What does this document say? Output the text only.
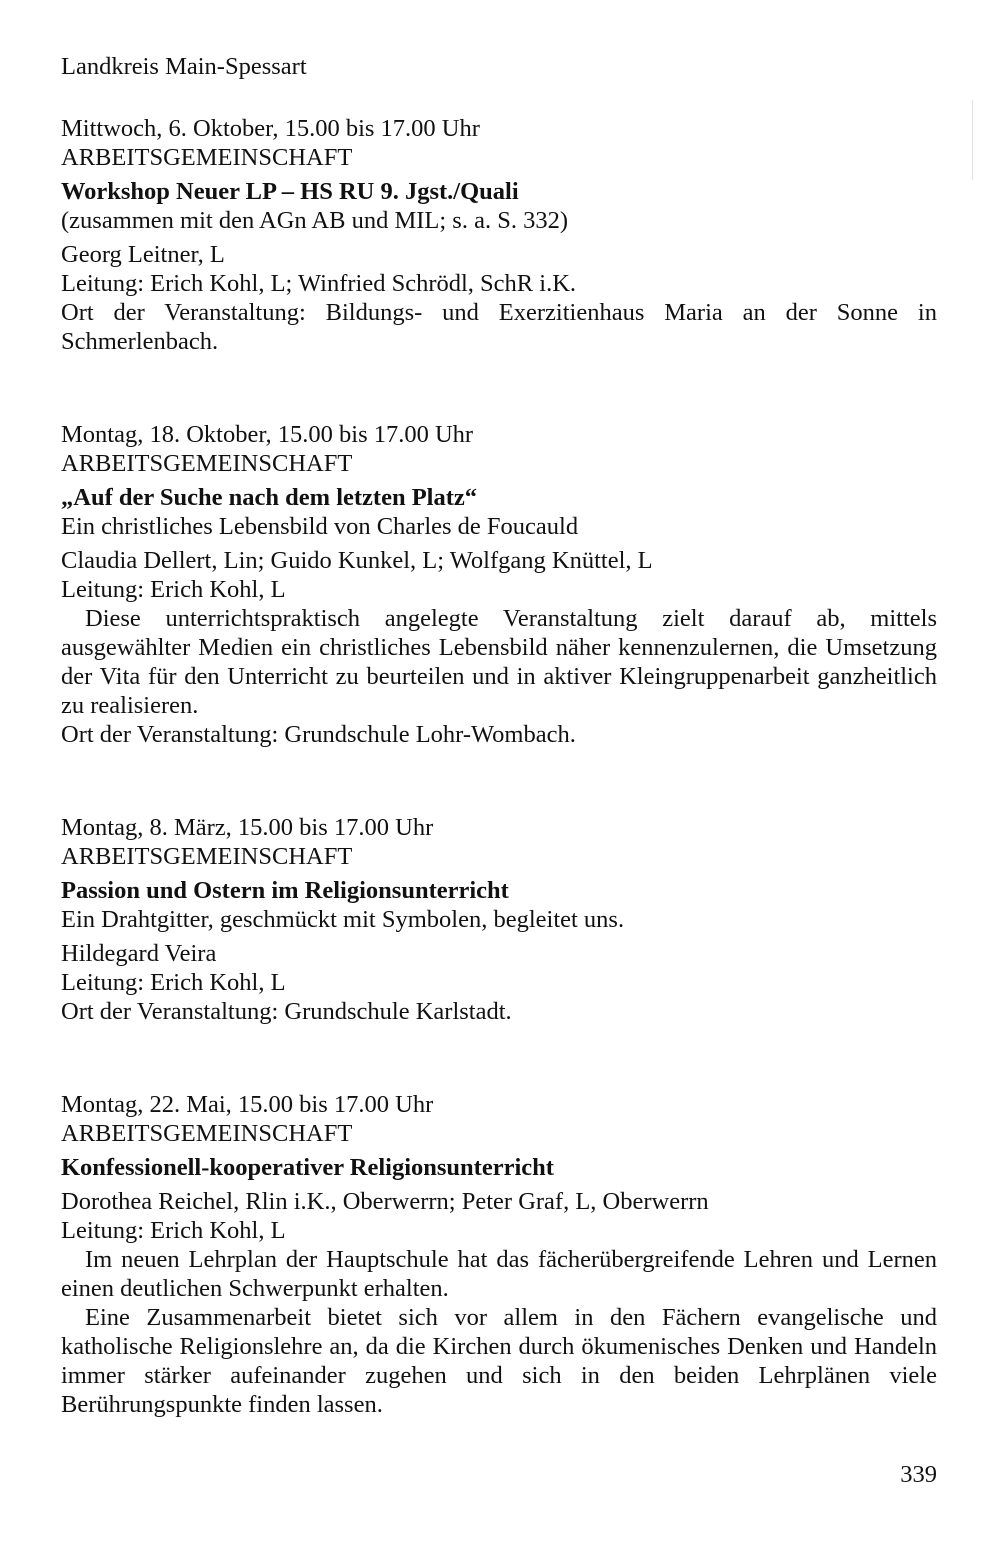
Landkreis Main-Spessart

Mittwoch, 6. Oktober, 15.00 bis 17.00 Uhr

ARBEITSGEMEINSCHAFT

Workshop Neuer LP – HS RU 9. Jgst./Quali

(zusammen mit den AGn AB und MIL; s. a. S. 332)

Georg Leitner, L

Leitung: Erich Kohl, L; Winfried Schrödl, SchR i.K.

Ort der Veranstaltung: Bildungs- und Exerzitienhaus Maria an der Sonne in Schmerlenbach.

Montag, 18. Oktober, 15.00 bis 17.00 Uhr

ARBEITSGEMEINSCHAFT

„Auf der Suche nach dem letzten Platz“

Ein christliches Lebensbild von Charles de Foucauld

Claudia Dellert, Lin; Guido Kunkel, L; Wolfgang Knüttel, L

Leitung: Erich Kohl, L

Diese unterrichtspraktisch angelegte Veranstaltung zielt darauf ab, mittels ausgewählter Medien ein christliches Lebensbild näher kennenzulernen, die Umsetzung der Vita für den Unterricht zu beurteilen und in aktiver Kleingruppenarbeit ganzheitlich zu realisieren.

Ort der Veranstaltung: Grundschule Lohr-Wombach.

Montag, 8. März, 15.00 bis 17.00 Uhr

ARBEITSGEMEINSCHAFT

Passion und Ostern im Religionsunterricht

Ein Drahtgitter, geschmückt mit Symbolen, begleitet uns.

Hildegard Veira

Leitung: Erich Kohl, L

Ort der Veranstaltung: Grundschule Karlstadt.

Montag, 22. Mai, 15.00 bis 17.00 Uhr

ARBEITSGEMEINSCHAFT

Konfessionell-kooperativer Religionsunterricht

Dorothea Reichel, Rlin i.K., Oberwerrn; Peter Graf, L, Oberwerrn

Leitung: Erich Kohl, L

Im neuen Lehrplan der Hauptschule hat das fächerübergreifende Lehren und Lernen einen deutlichen Schwerpunkt erhalten.

Eine Zusammenarbeit bietet sich vor allem in den Fächern evangelische und katholische Religionslehre an, da die Kirchen durch ökumenisches Denken und Handeln immer stärker aufeinander zugehen und sich in den beiden Lehrplänen viele Berührungspunkte finden lassen.

339
